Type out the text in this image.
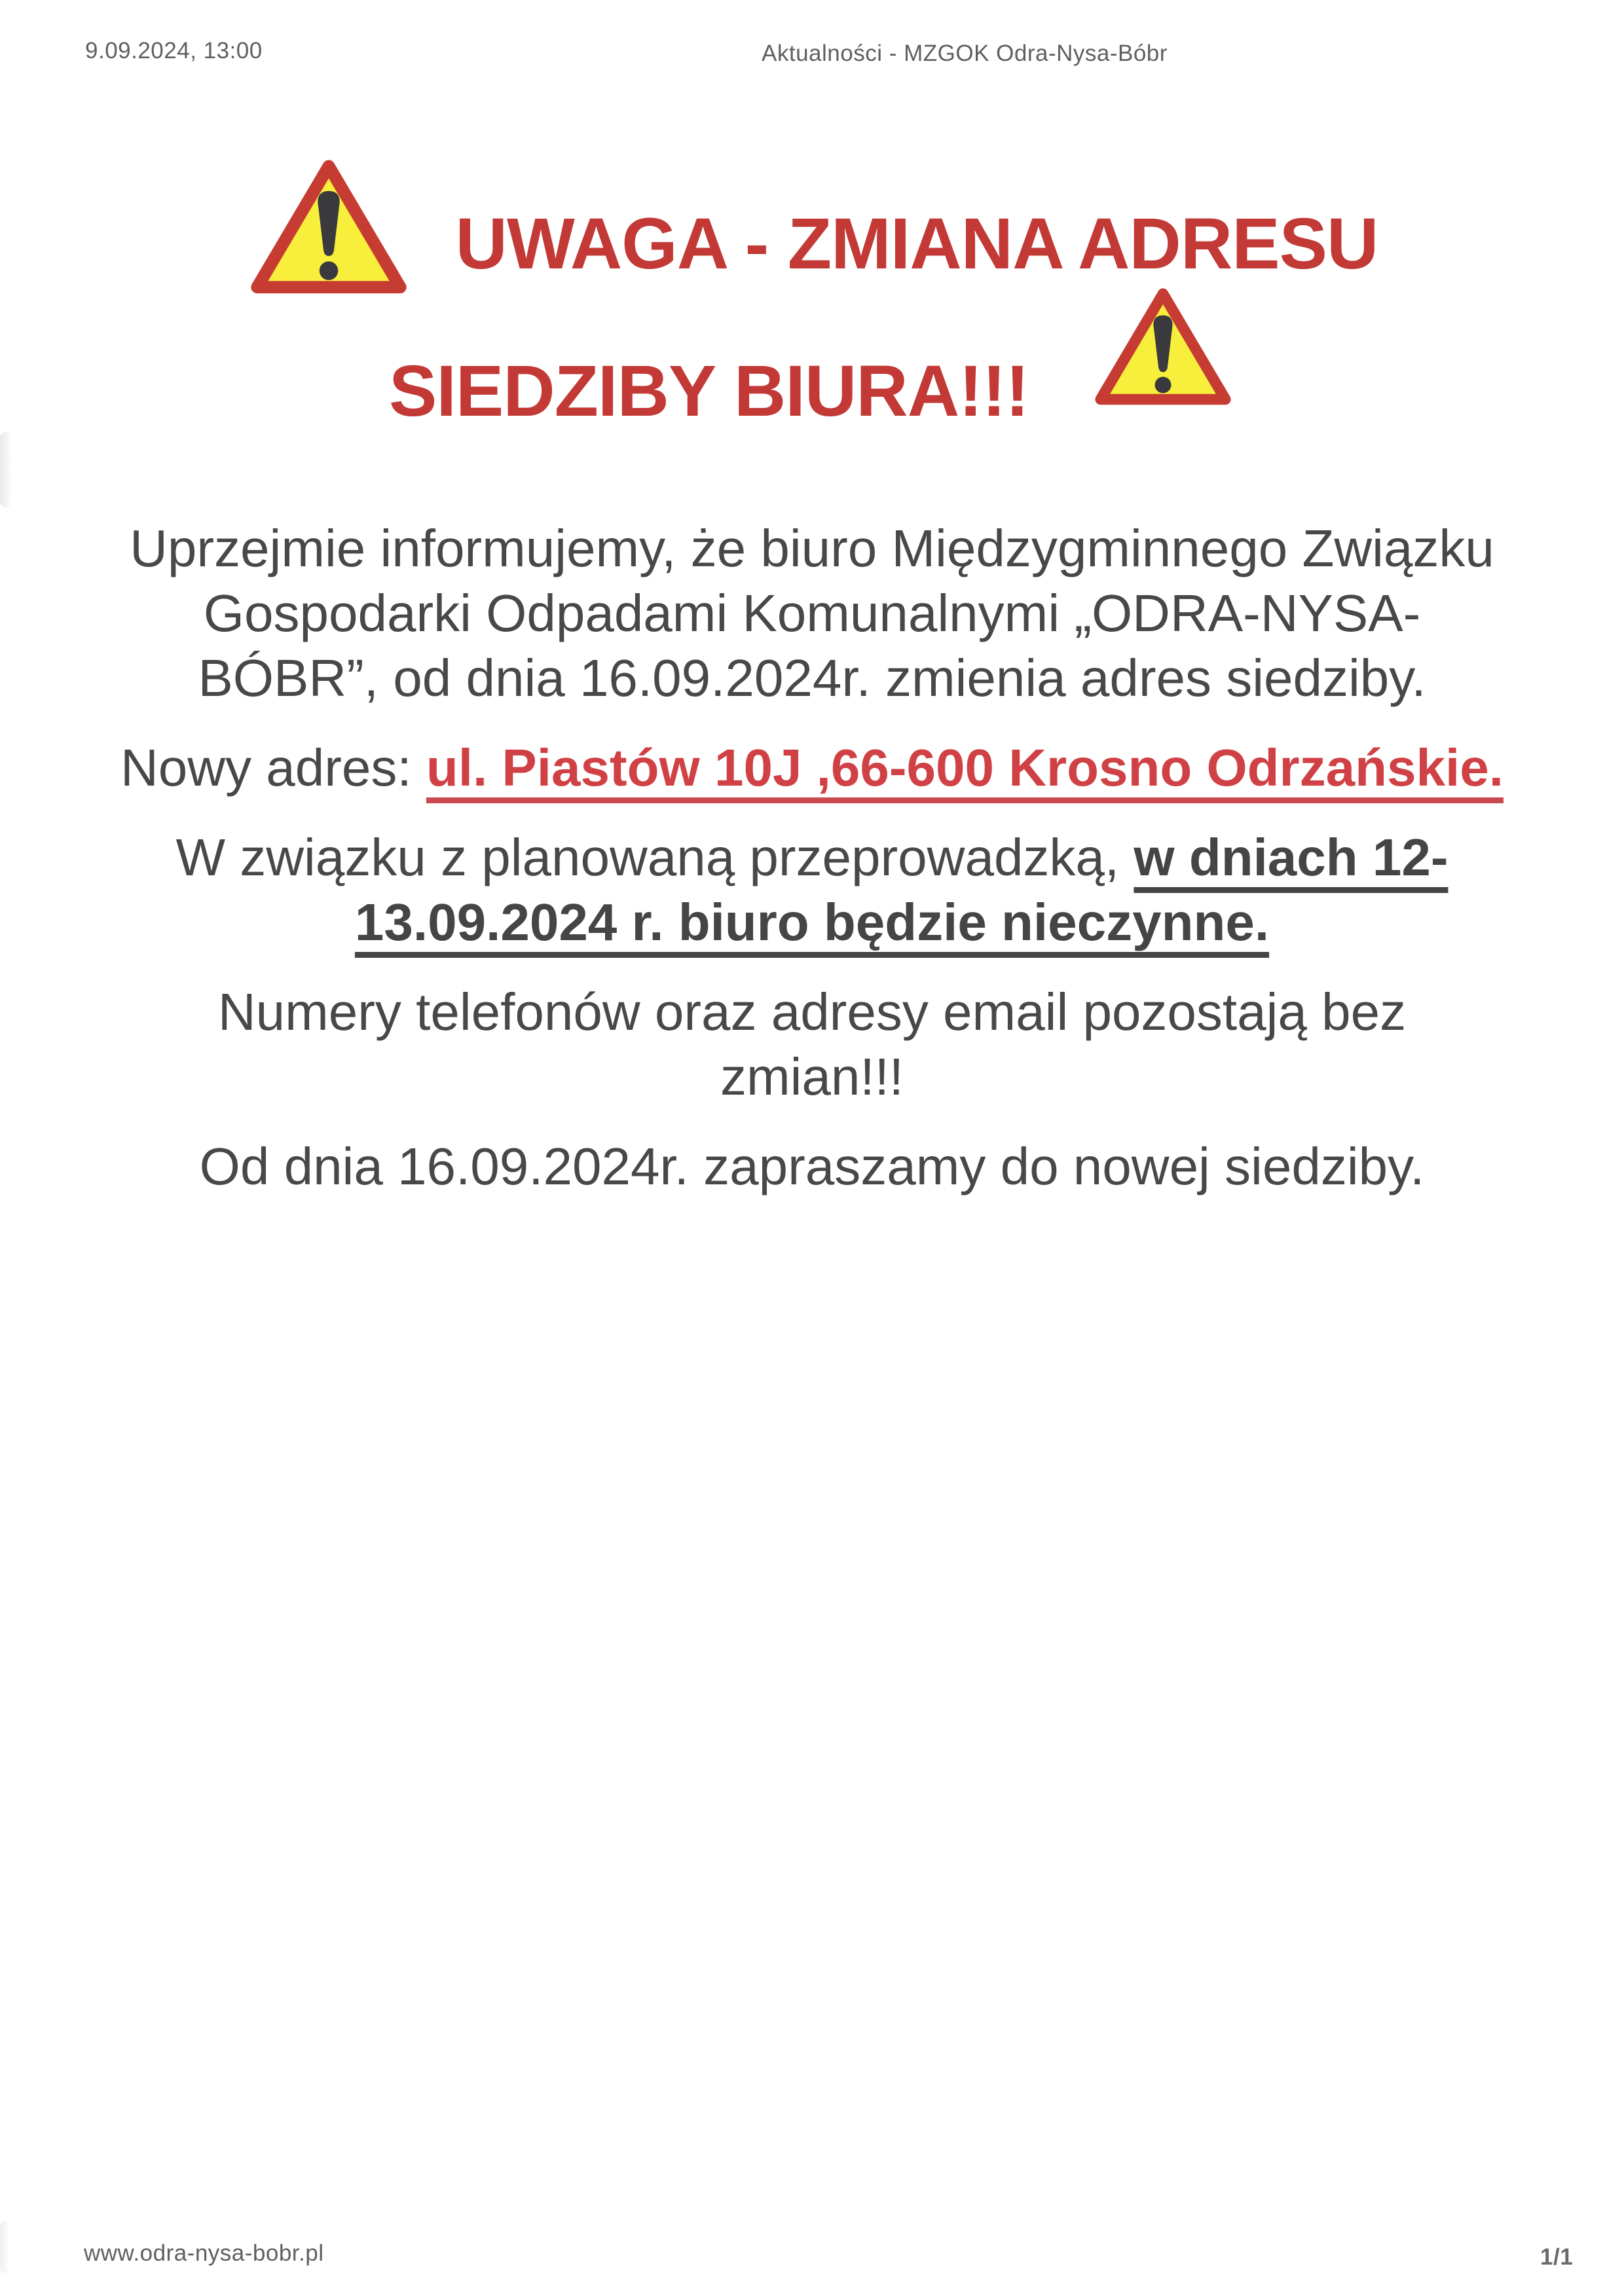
9.09.2024, 13:00	Aktualności - MZGOK Odra-Nysa-Bóbr
UWAGA - ZMIANA ADRESU
SIEDZIBY BIURA!!!

Uprzejmie informujemy, że biuro Międzygminnego Związku Gospodarki Odpadami Komunalnymi „ODRA-NYSA-BÓBR”, od dnia 16.09.2024r. zmienia adres siedziby.

Nowy adres: ul. Piastów 10J ,66-600 Krosno Odrzańskie.

W związku z planowaną przeprowadzką, w dniach 12-13.09.2024 r. biuro będzie nieczynne.

Numery telefonów oraz adresy email pozostają bez zmian!!!

Od dnia 16.09.2024r. zapraszamy do nowej siedziby.

www.odra-nysa-bobr.pl	1/1
